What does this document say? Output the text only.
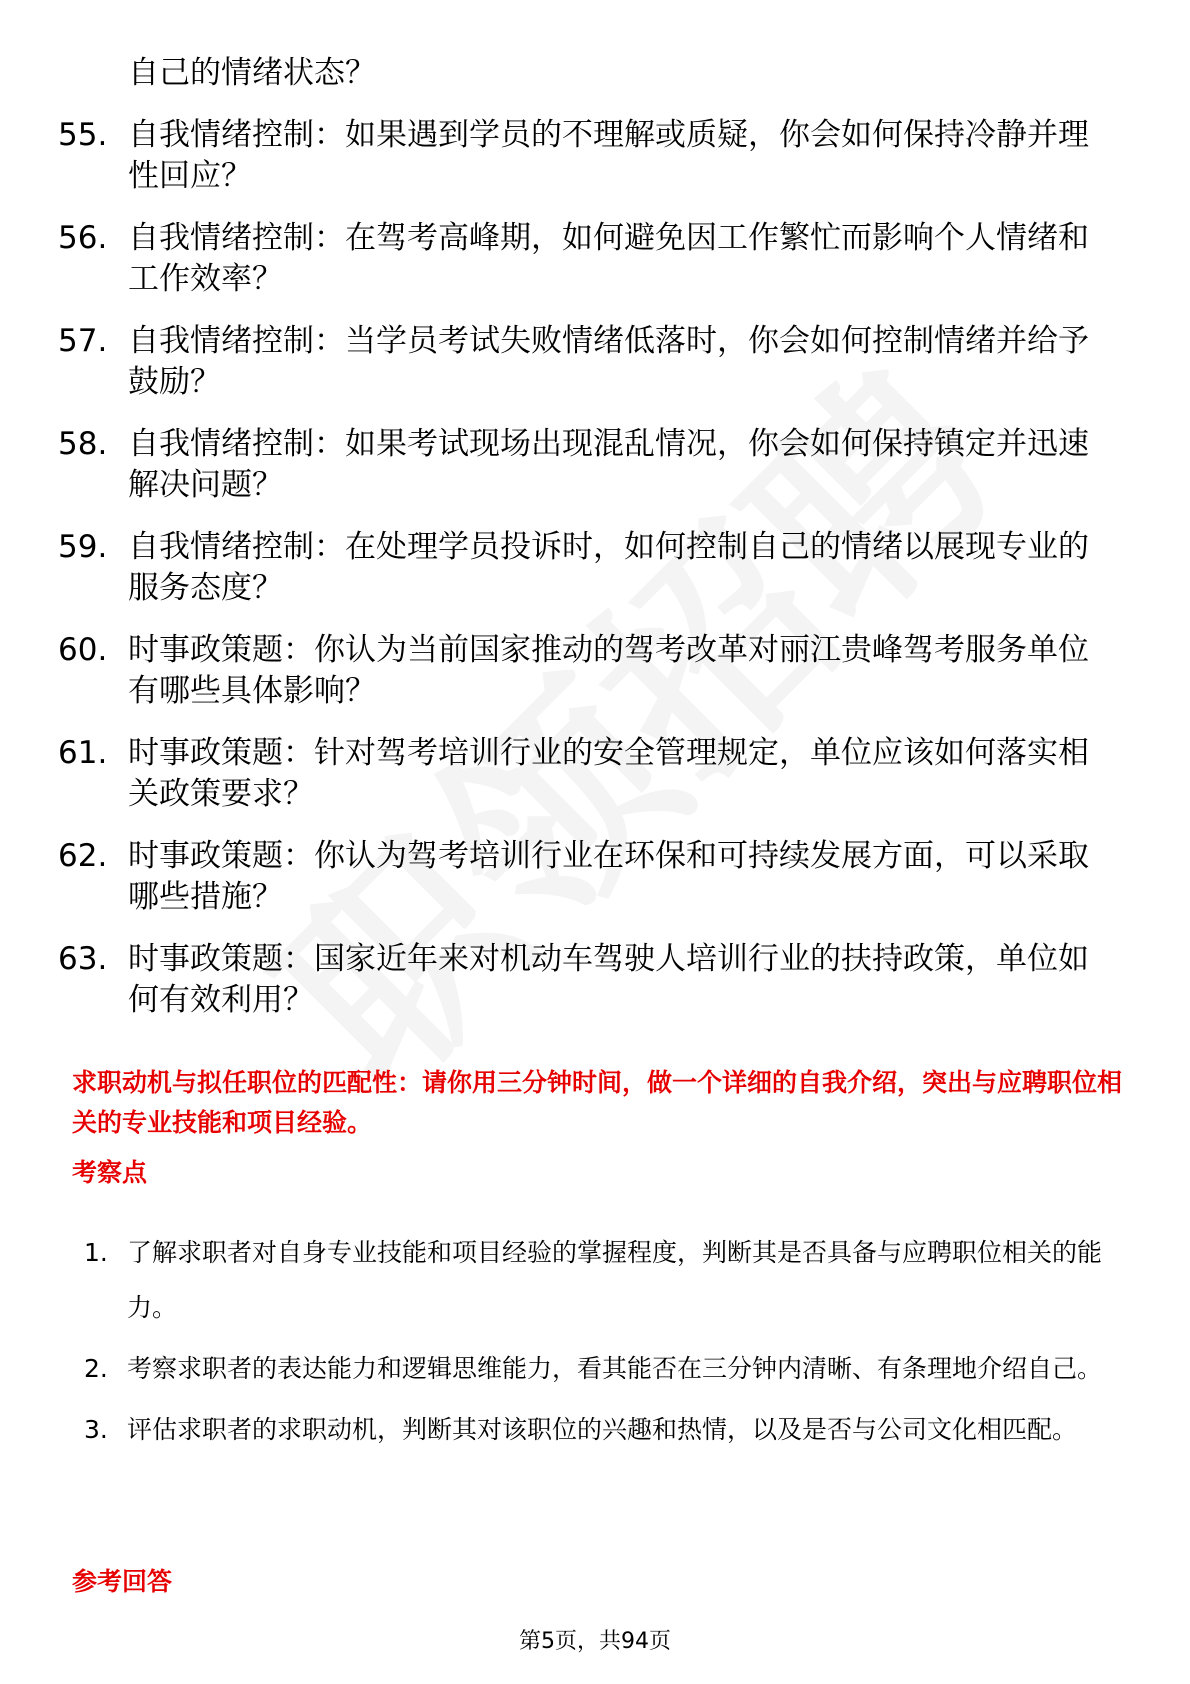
自己的情绪状态？
55. 自我情绪控制：如果遇到学员的不理解或质疑，你会如何保持冷静并理性回应？
56. 自我情绪控制：在驾考高峰期，如何避免因工作繁忙而影响个人情绪和工作效率？
57. 自我情绪控制：当学员考试失败情绪低落时，你会如何控制情绪并给予鼓励？
58. 自我情绪控制：如果考试现场出现混乱情况，你会如何保持镇定并迅速解决问题？
59. 自我情绪控制：在处理学员投诉时，如何控制自己的情绪以展现专业的服务态度？
60. 时事政策题：你认为当前国家推动的驾考改革对丽江贵峰驾考服务单位有哪些具体影响？
61. 时事政策题：针对驾考培训行业的安全管理规定，单位应该如何落实相关政策要求？
62. 时事政策题：你认为驾考培训行业在环保和可持续发展方面，可以采取哪些措施？
63. 时事政策题：国家近年来对机动车驾驶人培训行业的扶持政策，单位如何有效利用？
求职动机与拟任职位的匹配性：请你用三分钟时间，做一个详细的自我介绍，突出与应聘职位相关的专业技能和项目经验。
考察点
1. 了解求职者对自身专业技能和项目经验的掌握程度，判断其是否具备与应聘职位相关的能力。
2. 考察求职者的表达能力和逻辑思维能力，看其能否在三分钟内清晰、有条理地介绍自己。
3. 评估求职者的求职动机，判断其对该职位的兴趣和热情，以及是否与公司文化相匹配。
参考回答
第5页，共94页
